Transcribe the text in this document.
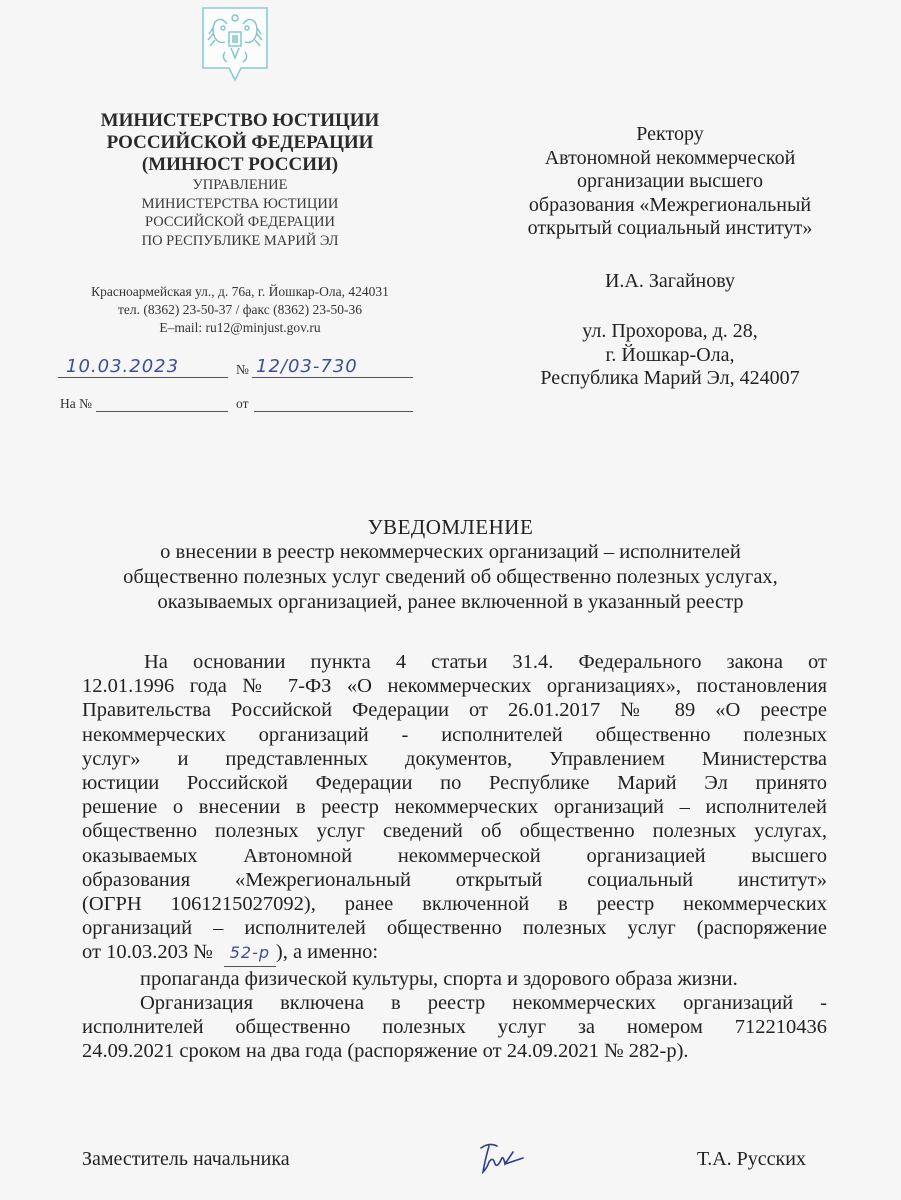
МИНИСТЕРСТВО ЮСТИЦИИ
РОССИЙСКОЙ ФЕДЕРАЦИИ
(МИНЮСТ РОССИИ)
УПРАВЛЕНИЕ
МИНИСТЕРСТВА ЮСТИЦИИ
РОССИЙСКОЙ ФЕДЕРАЦИИ
ПО РЕСПУБЛИКЕ МАРИЙ ЭЛ
Красноармейская ул., д. 76а, г. Йошкар-Ола, 424031
тел. (8362) 23-50-37 / факс (8362) 23-50-36
E–mail: ru12@minjust.gov.ru
10.03.2023	№ 12/03-730
На №	от
Ректору
Автономной некоммерческой
организации высшего
образования «Межрегиональный
открытый социальный институт»
И.А. Загайнову
ул. Прохорова, д. 28,
г. Йошкар-Ола,
Республика Марий Эл, 424007
УВЕДОМЛЕНИЕ
о внесении в реестр некоммерческих организаций – исполнителей
общественно полезных услуг сведений об общественно полезных услугах,
оказываемых организацией, ранее включенной в указанный реестр
На основании пункта 4 статьи 31.4. Федерального закона от
12.01.1996 года № 7-ФЗ «О некоммерческих организациях», постановления
Правительства Российской Федерации от 26.01.2017 № 89 «О реестре
некоммерческих организаций - исполнителей общественно полезных
услуг» и представленных документов, Управлением Министерства
юстиции Российской Федерации по Республике Марий Эл принято
решение о внесении в реестр некоммерческих организаций – исполнителей
общественно полезных услуг сведений об общественно полезных услугах,
оказываемых Автономной некоммерческой организацией высшего
образования «Межрегиональный открытый социальный институт»
(ОГРН 1061215027092), ранее включенной в реестр некоммерческих
организаций – исполнителей общественно полезных услуг (распоряжение
от 10.03.203 № 52-р ), а именно:
пропаганда физической культуры, спорта и здорового образа жизни.
Организация включена в реестр некоммерческих организаций -
исполнителей общественно полезных услуг за номером 712210436
24.09.2021 сроком на два года (распоряжение от 24.09.2021 № 282-р).
Заместитель начальника	Т.А. Русских
